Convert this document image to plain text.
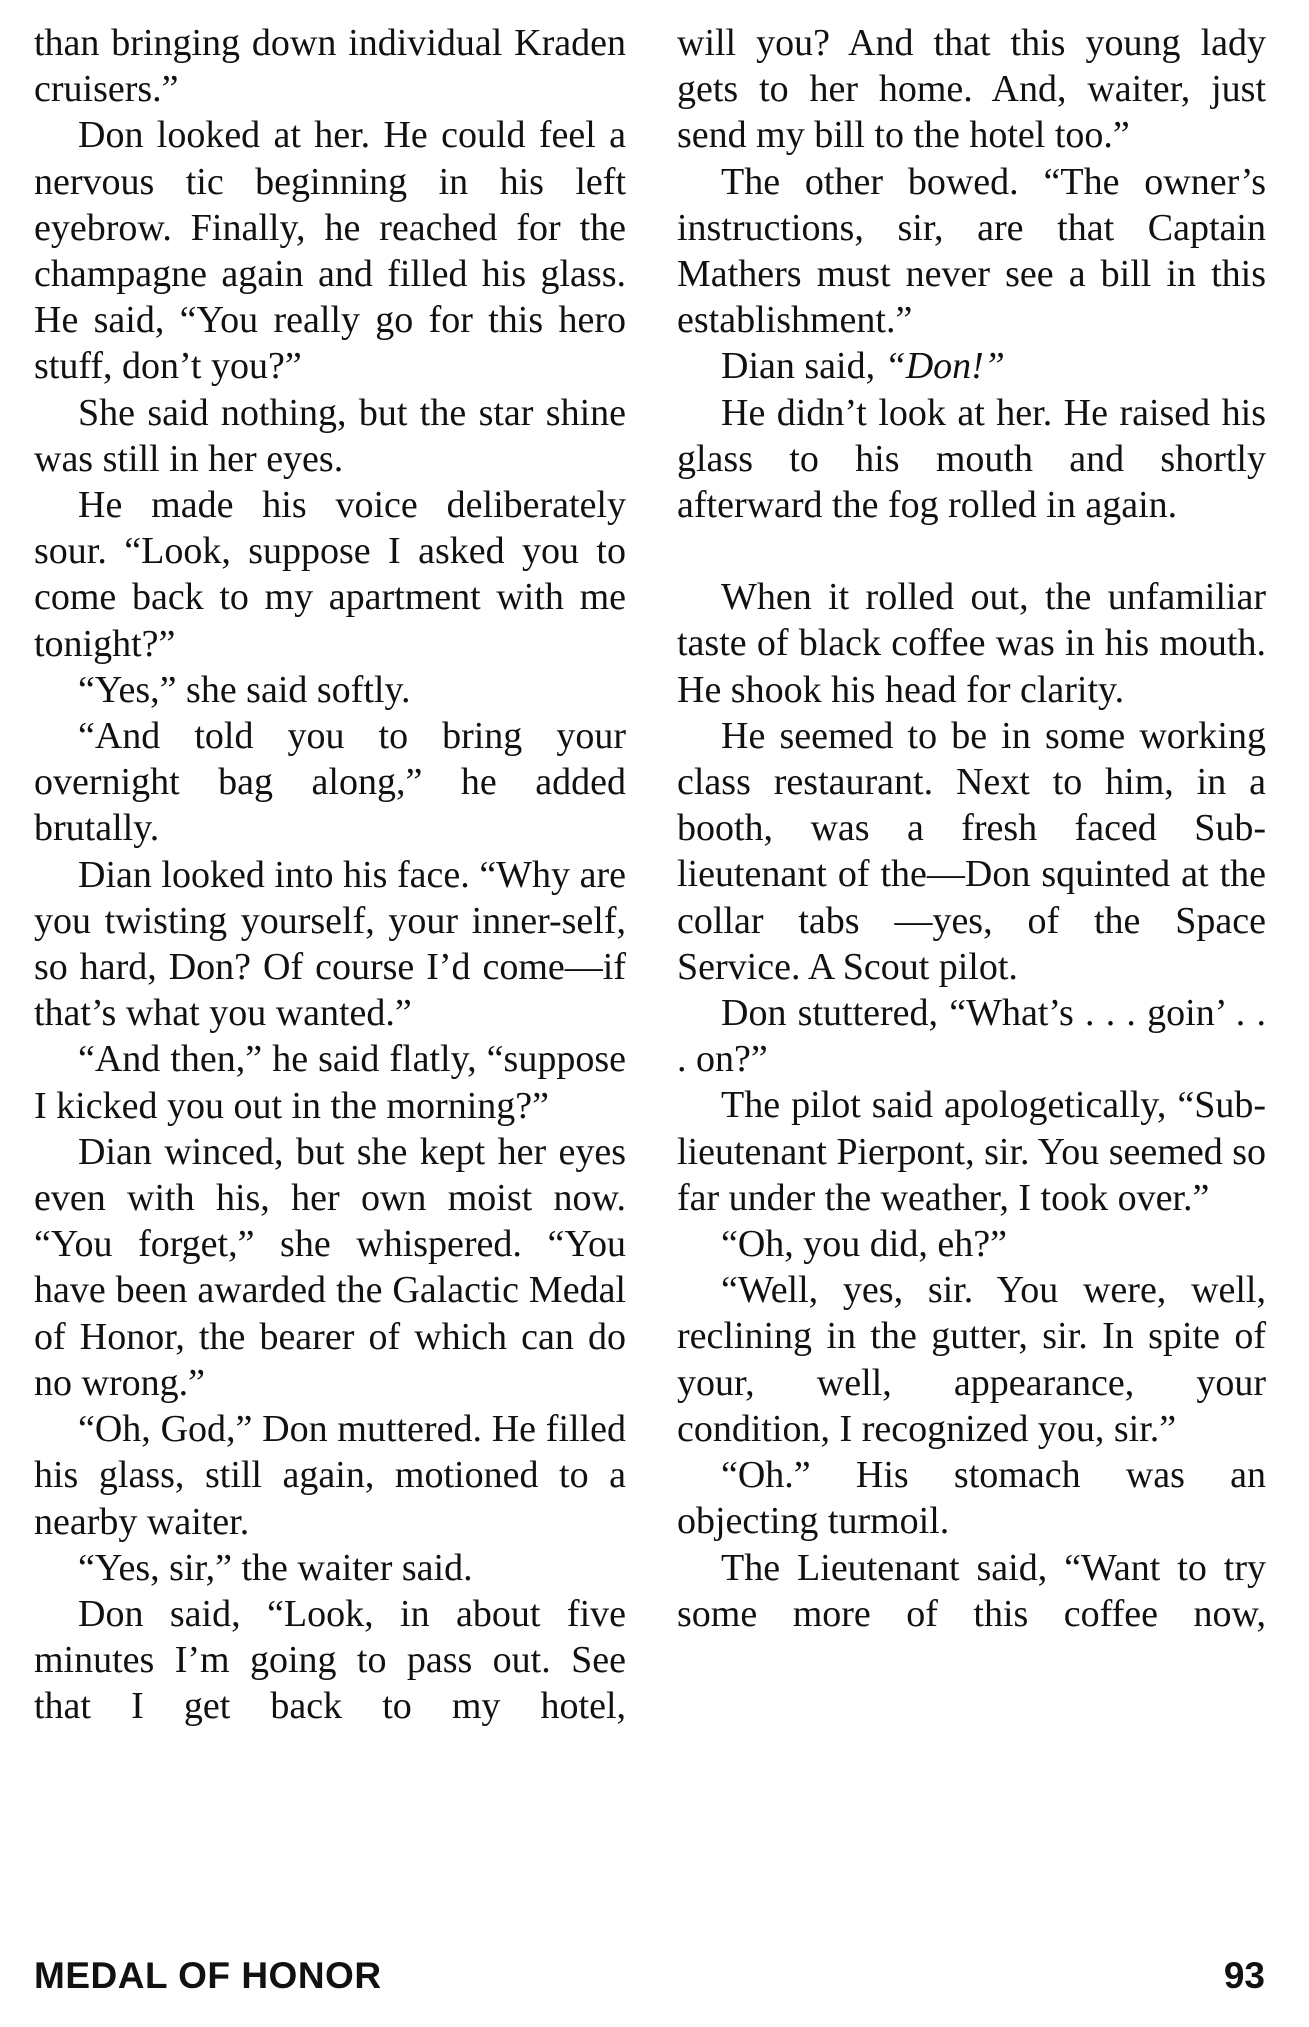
than bringing down individual Kraden cruisers.”

Don looked at her. He could feel a nervous tic beginning in his left eyebrow. Finally, he reached for the champagne again and filled his glass. He said, “You really go for this hero stuff, don’t you?”

She said nothing, but the star shine was still in her eyes.

He made his voice deliberately sour. “Look, suppose I asked you to come back to my apartment with me tonight?”

“Yes,” she said softly.

“And told you to bring your overnight bag along,” he added brutally.

Dian looked into his face. “Why are you twisting yourself, your inner-self, so hard, Don? Of course I’d come—if that’s what you wanted.”

“And then,” he said flatly, “suppose I kicked you out in the morning?”

Dian winced, but she kept her eyes even with his, her own moist now. “You forget,” she whispered. “You have been awarded the Galactic Medal of Honor, the bearer of which can do no wrong.”

“Oh, God,” Don muttered. He filled his glass, still again, motioned to a nearby waiter.

“Yes, sir,” the waiter said.

Don said, “Look, in about five minutes I’m going to pass out. See that I get back to my hotel,

will you? And that this young lady gets to her home. And, waiter, just send my bill to the hotel too.”

The other bowed. “The owner’s instructions, sir, are that Captain Mathers must never see a bill in this establishment.”

Dian said, “Don!”

He didn’t look at her. He raised his glass to his mouth and shortly afterward the fog rolled in again.

When it rolled out, the unfamiliar taste of black coffee was in his mouth. He shook his head for clarity.

He seemed to be in some working class restaurant. Next to him, in a booth, was a fresh faced Sub-lieutenant of the—Don squinted at the collar tabs —yes, of the Space Service. A Scout pilot.

Don stuttered, “What’s . . . goin’ . . . on?”

The pilot said apologetically, “Sub-lieutenant Pierpont, sir. You seemed so far under the weather, I took over.”

“Oh, you did, eh?”

“Well, yes, sir. You were, well, reclining in the gutter, sir. In spite of your, well, appearance, your condition, I recognized you, sir.”

“Oh.” His stomach was an objecting turmoil.

The Lieutenant said, “Want to try some more of this coffee now,

MEDAL OF HONOR	93
